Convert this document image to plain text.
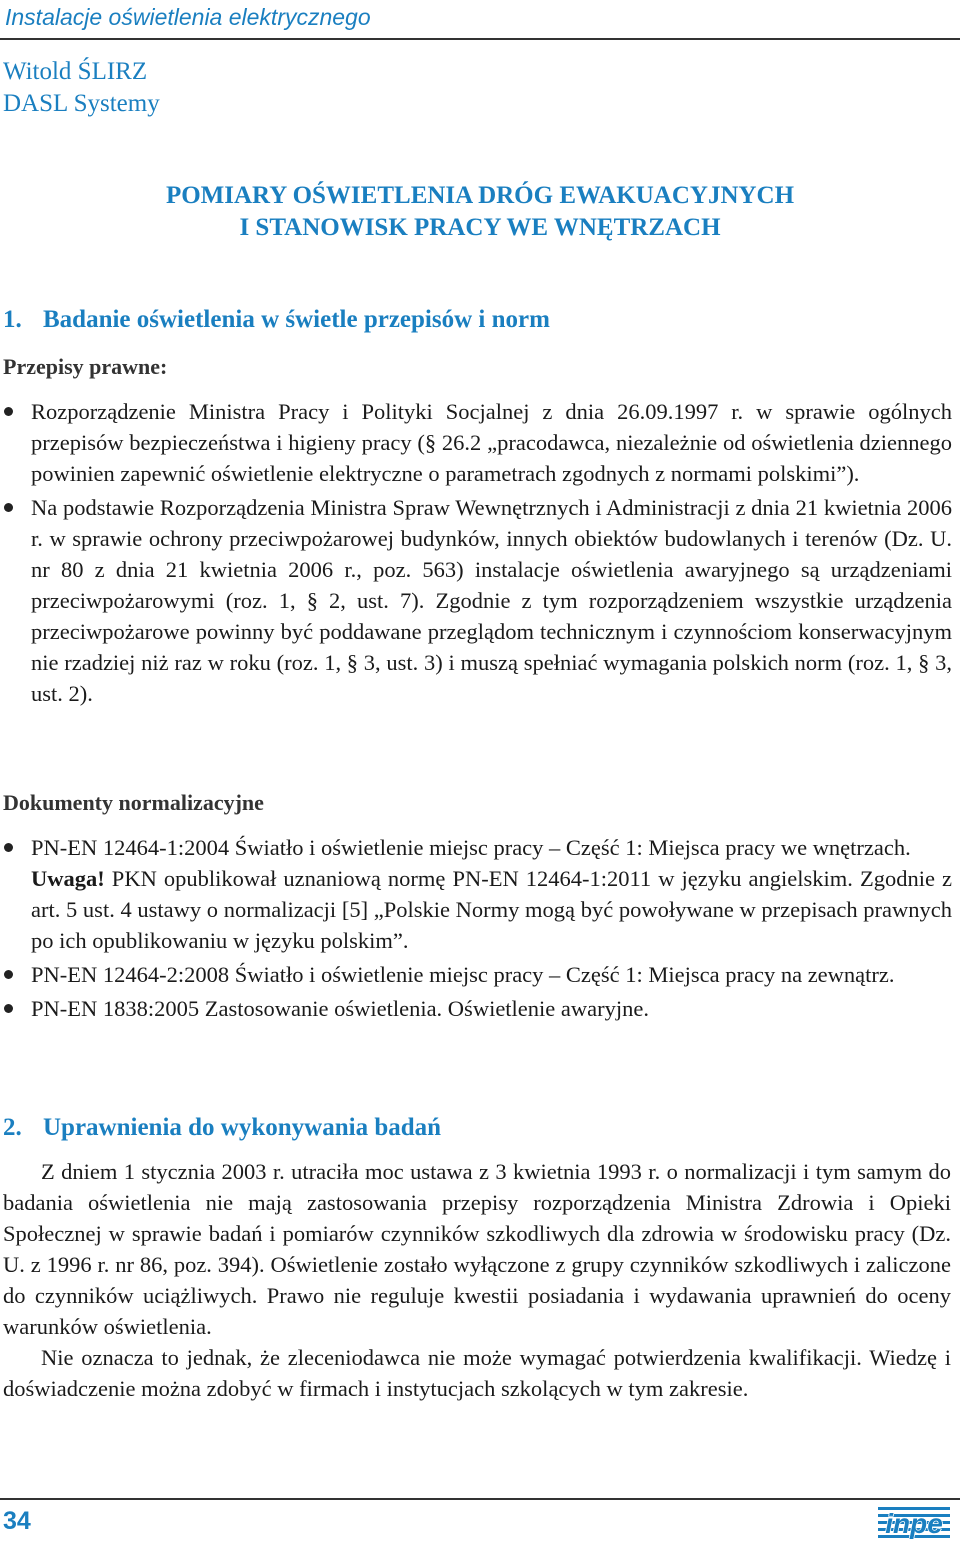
Instalacje oświetlenia elektrycznego
Witold ŚLIRZ
DASL Systemy
POMIARY OŚWIETLENIA DRÓG EWAKUACYJNYCH
I STANOWISK PRACY WE WNĘTRZACH
1. Badanie oświetlenia w świetle przepisów i norm
Przepisy prawne:
Rozporządzenie Ministra Pracy i Polityki Socjalnej z dnia 26.09.1997 r. w sprawie ogólnych przepisów bezpieczeństwa i higieny pracy (§ 26.2 „pracodawca, niezależnie od oświetlenia dziennego powinien zapewnić oświetlenie elektryczne o parametrach zgodnych z normami polskimi”).
Na podstawie Rozporządzenia Ministra Spraw Wewnętrznych i Administracji z dnia 21 kwietnia 2006 r. w sprawie ochrony przeciwpożarowej budynków, innych obiektów budowlanych i terenów (Dz. U. nr 80 z dnia 21 kwietnia 2006 r., poz. 563) instalacje oświetlenia awaryjnego są urządzeniami przeciwpożarowymi (roz. 1, § 2, ust. 7). Zgodnie z tym rozporządzeniem wszystkie urządzenia przeciwpożarowe powinny być poddawane przeglądom technicznym i czynnościom konserwacyjnym nie rzadziej niż raz w roku (roz. 1, § 3, ust. 3) i muszą spełniać wymagania polskich norm (roz. 1, § 3, ust. 2).
Dokumenty normalizacyjne
PN-EN 12464-1:2004 Światło i oświetlenie miejsc pracy – Część 1: Miejsca pracy we wnętrzach.
Uwaga! PKN opublikował uznaniową normę PN-EN 12464-1:2011 w języku angielskim. Zgodnie z art. 5 ust. 4 ustawy o normalizacji [5] „Polskie Normy mogą być powoływane w przepisach prawnych po ich opublikowaniu w języku polskim”.
PN-EN 12464-2:2008 Światło i oświetlenie miejsc pracy – Część 1: Miejsca pracy na zewnątrz.
PN-EN 1838:2005 Zastosowanie oświetlenia. Oświetlenie awaryjne.
2. Uprawnienia do wykonywania badań

Z dniem 1 stycznia 2003 r. utraciła moc ustawa z 3 kwietnia 1993 r. o normalizacji i tym samym do badania oświetlenia nie mają zastosowania przepisy rozporządzenia Ministra Zdrowia i Opieki Społecznej w sprawie badań i pomiarów czynników szkodliwych dla zdrowia w środowisku pracy (Dz. U. z 1996 r. nr 86, poz. 394). Oświetlenie zostało wyłączone z grupy czynników szkodliwych i zaliczone do czynników uciążliwych. Prawo nie reguluje kwestii posiadania i wydawania uprawnień do oceny warunków oświetlenia.

Nie oznacza to jednak, że zleceniodawca nie może wymagać potwierdzenia kwalifikacji. Wiedzę i doświadczenie można zdobyć w firmach i instytucjach szkolących w tym zakresie.

34	inpe
